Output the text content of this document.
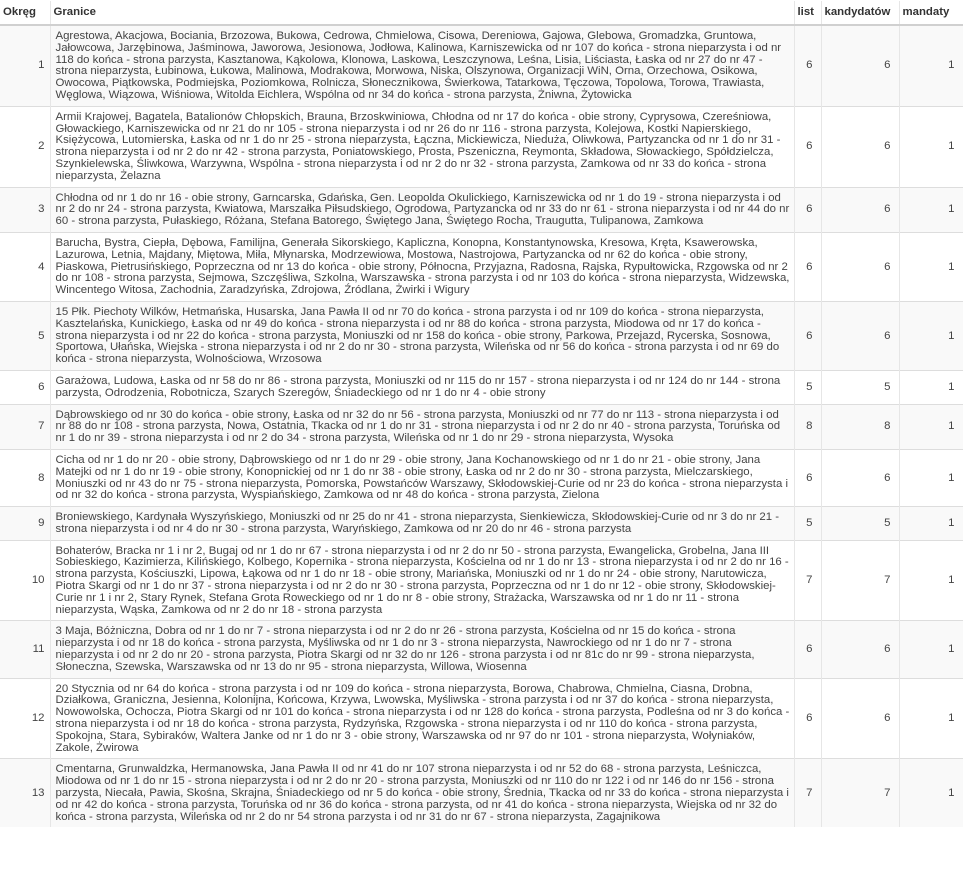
Okręg	Granice	list	kandydatów	mandaty
1	Agrestowa, Akacjowa, Bociania, Brzozowa, Bukowa, Cedrowa, Chmielowa, Cisowa, Dereniowa, Gajowa, Glebowa, Gromadzka, Gruntowa, Jałowcowa, Jarzębinowa, Jaśminowa, Jaworowa, Jesionowa, Jodłowa, Kalinowa, Karniszewicka od nr 107 do końca - strona nieparzysta i od nr 118 do końca - strona parzysta, Kasztanowa, Kąkolowa, Klonowa, Laskowa, Leszczynowa, Leśna, Lisia, Liściasta, Łaska od nr 27 do nr 47 - strona nieparzysta, Łubinowa, Łukowa, Malinowa, Modrakowa, Morwowa, Niska, Olszynowa, Organizacji WiN, Orna, Orzechowa, Osikowa, Owocowa, Piątkowska, Podmiejska, Poziomkowa, Rolnicza, Słonecznikowa, Świerkowa, Tatarkowa, Tęczowa, Topolowa, Torowa, Trawiasta, Węglowa, Wiązowa, Wiśniowa, Witolda Eichlera, Wspólna od nr 34 do końca - strona parzysta, Żniwna, Żytowicka	6	6	1
2	Armii Krajowej, Bagatela, Batalionów Chłopskich, Brauna, Brzoskwiniowa, Chłodna od nr 17 do końca - obie strony, Cyprysowa, Czereśniowa, Głowackiego, Karniszewicka od nr 21 do nr 105 - strona nieparzysta i od nr 26 do nr 116 - strona parzysta, Kolejowa, Kostki Napierskiego, Księżycowa, Lutomierska, Łaska od nr 1 do nr 25 - strona nieparzysta, Łączna, Mickiewicza, Nieduża, Oliwkowa, Partyzancka od nr 1 do nr 31 - strona nieparzysta i od nr 2 do nr 42 - strona parzysta, Poniatowskiego, Prosta, Pszeniczna, Reymonta, Składowa, Słowackiego, Spółdzielcza, Szynkielewska, Śliwkowa, Warzywna, Wspólna - strona nieparzysta i od nr 2 do nr 32 - strona parzysta, Zamkowa od nr 33 do końca - strona nieparzysta, Żelazna	6	6	1
3	Chłodna od nr 1 do nr 16 - obie strony, Garncarska, Gdańska, Gen. Leopolda Okulickiego, Karniszewicka od nr 1 do 19 - strona nieparzysta i od nr 2 do nr 24 - strona parzysta, Kwiatowa, Marszałka Piłsudskiego, Ogrodowa, Partyzancka od nr 33 do nr 61 - strona nieparzysta i od nr 44 do nr 60 - strona parzysta, Pułaskiego, Różana, Stefana Batorego, Świętego Jana, Świętego Rocha, Traugutta, Tulipanowa, Zamkowa	6	6	1
4	Barucha, Bystra, Ciepła, Dębowa, Familijna, Generała Sikorskiego, Kapliczna, Konopna, Konstantynowska, Kresowa, Kręta, Ksawerowska, Lazurowa, Letnia, Majdany, Miętowa, Miła, Młynarska, Modrzewiowa, Mostowa, Nastrojowa, Partyzancka od nr 62 do końca - obie strony, Piaskowa, Pietrusińskiego, Poprzeczna od nr 13 do końca - obie strony, Północna, Przyjazna, Radosna, Rajska, Rypułtowicka, Rzgowska od nr 2 do nr 108 - strona parzysta, Sejmowa, Szczęśliwa, Szkolna, Warszawska - strona parzysta i od nr 103 do końca - strona nieparzysta, Widzewska, Wincentego Witosa, Zachodnia, Zaradzyńska, Zdrojowa, Źródlana, Żwirki i Wigury	6	6	1
5	15 Płk. Piechoty Wilków, Hetmańska, Husarska, Jana Pawła II od nr 70 do końca - strona parzysta i od nr 109 do końca - strona nieparzysta, Kasztelańska, Kunickiego, Łaska od nr 49 do końca - strona nieparzysta i od nr 88 do końca - strona parzysta, Miodowa od nr 17 do końca - strona nieparzysta i od nr 22 do końca - strona parzysta, Moniuszki od nr 158 do końca - obie strony, Parkowa, Przejazd, Rycerska, Sosnowa, Sportowa, Ułańska, Wiejska - strona nieparzysta i od nr 2 do nr 30 - strona parzysta, Wileńska od nr 56 do końca - strona parzysta i od nr 69 do końca - strona nieparzysta, Wolnościowa, Wrzosowa	6	6	1
6	Garażowa, Ludowa, Łaska od nr 58 do nr 86 - strona parzysta, Moniuszki od nr 115 do nr 157 - strona nieparzysta i od nr 124 do nr 144 - strona parzysta, Odrodzenia, Robotnicza, Szarych Szeregów, Śniadeckiego od nr 1 do nr 4 - obie strony	5	5	1
7	Dąbrowskiego od nr 30 do końca - obie strony, Łaska od nr 32 do nr 56 - strona parzysta, Moniuszki od nr 77 do nr 113 - strona nieparzysta i od nr 88 do nr 108 - strona parzysta, Nowa, Ostatnia, Tkacka od nr 1 do nr 31 - strona nieparzysta i od nr 2 do nr 40 - strona parzysta, Toruńska od nr 1 do nr 39 - strona nieparzysta i od nr 2 do 34 - strona parzysta, Wileńska od nr 1 do nr 29 - strona nieparzysta, Wysoka	8	8	1
8	Cicha od nr 1 do nr 20 - obie strony, Dąbrowskiego od nr 1 do nr 29 - obie strony, Jana Kochanowskiego od nr 1 do nr 21 - obie strony, Jana Matejki od nr 1 do nr 19 - obie strony, Konopnickiej od nr 1 do nr 38 - obie strony, Łaska od nr 2 do nr 30 - strona parzysta, Mielczarskiego, Moniuszki od nr 43 do nr 75 - strona nieparzysta, Pomorska, Powstańców Warszawy, Skłodowskiej-Curie od nr 23 do końca - strona nieparzysta i od nr 32 do końca - strona parzysta, Wyspiańskiego, Zamkowa od nr 48 do końca - strona parzysta, Zielona	6	6	1
9	Broniewskiego, Kardynała Wyszyńskiego, Moniuszki od nr 25 do nr 41 - strona nieparzysta, Sienkiewicza, Skłodowskiej-Curie od nr 3 do nr 21 - strona nieparzysta i od nr 4 do nr 30 - strona parzysta, Waryńskiego, Zamkowa od nr 20 do nr 46 - strona parzysta	5	5	1
10	Bohaterów, Bracka nr 1 i nr 2, Bugaj od nr 1 do nr 67 - strona nieparzysta i od nr 2 do nr 50 - strona parzysta, Ewangelicka, Grobelna, Jana III Sobieskiego, Kazimierza, Kilińskiego, Kolbego, Kopernika - strona nieparzysta, Kościelna od nr 1 do nr 13 - strona nieparzysta i od nr 2 do nr 16 - strona parzysta, Kościuszki, Lipowa, Łąkowa od nr 1 do nr 18 - obie strony, Mariańska, Moniuszki od nr 1 do nr 24 - obie strony, Narutowicza, Piotra Skargi od nr 1 do nr 37 - strona nieparzysta i od nr 2 do nr 30 - strona parzysta, Poprzeczna od nr 1 do nr 12 - obie strony, Skłodowskiej-Curie nr 1 i nr 2, Stary Rynek, Stefana Grota Roweckiego od nr 1 do nr 8 - obie strony, Strażacka, Warszawska od nr 1 do nr 11 - strona nieparzysta, Wąska, Zamkowa od nr 2 do nr 18 - strona parzysta	7	7	1
11	3 Maja, Bóżniczna, Dobra od nr 1 do nr 7 - strona nieparzysta i od nr 2 do nr 26 - strona parzysta, Kościelna od nr 15 do końca - strona nieparzysta i od nr 18 do końca - strona parzysta, Myśliwska od nr 1 do nr 3 - strona nieparzysta, Nawrockiego od nr 1 do nr 7 - strona nieparzysta i od nr 2 do nr 20 - strona parzysta, Piotra Skargi od nr 32 do nr 126 - strona parzysta i od nr 81c do nr 99 - strona nieparzysta, Słoneczna, Szewska, Warszawska od nr 13 do nr 95 - strona nieparzysta, Willowa, Wiosenna	6	6	1
12	20 Stycznia od nr 64 do końca - strona parzysta i od nr 109 do końca - strona nieparzysta, Borowa, Chabrowa, Chmielna, Ciasna, Drobna, Działkowa, Graniczna, Jesienna, Kolonijna, Końcowa, Krzywa, Lwowska, Myśliwska - strona parzysta i od nr 37 do końca - strona nieparzysta, Nowowolska, Ochocza, Piotra Skargi od nr 101 do końca - strona nieparzysta i od nr 128 do końca - strona parzysta, Podleśna od nr 3 do końca - strona nieparzysta i od nr 18 do końca - strona parzysta, Rydzyńska, Rzgowska - strona nieparzysta i od nr 110 do końca - strona parzysta, Spokojna, Stara, Sybiraków, Waltera Janke od nr 1 do nr 3 - obie strony, Warszawska od nr 97 do nr 101 - strona nieparzysta, Wołyniaków, Zakole, Żwirowa	6	6	1
13	Cmentarna, Grunwaldzka, Hermanowska, Jana Pawła II od nr 41 do nr 107 strona nieparzysta i od nr 52 do 68 - strona parzysta, Leśniczca, Miodowa od nr 1 do nr 15 - strona nieparzysta i od nr 2 do nr 20 - strona parzysta, Moniuszki od nr 110 do nr 122 i od nr 146 do nr 156 - strona parzysta, Niecała, Pawia, Skośna, Skrajna, Śniadeckiego od nr 5 do końca - obie strony, Średnia, Tkacka od nr 33 do końca - strona nieparzysta i od nr 42 do końca - strona parzysta, Toruńska od nr 36 do końca - strona parzysta, od nr 41 do końca - strona nieparzysta, Wiejska od nr 32 do końca - strona parzysta, Wileńska od nr 2 do nr 54 strona parzysta i od nr 31 do nr 67 - strona nieparzysta, Zagajnikowa	7	7	1
